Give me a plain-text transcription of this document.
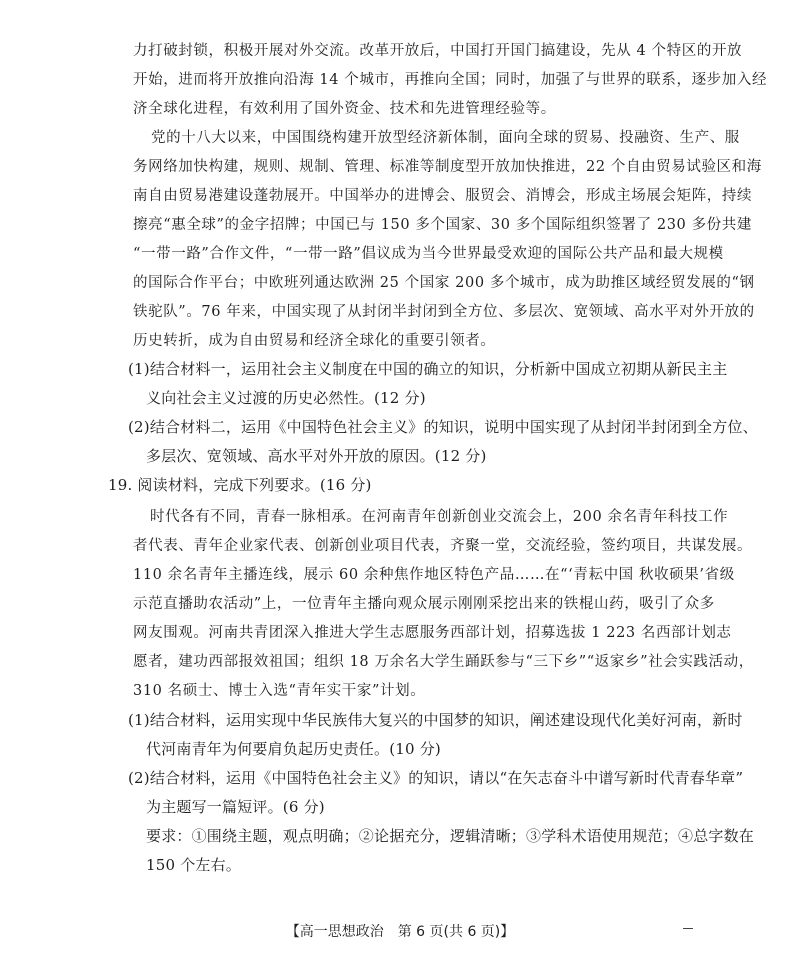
力打破封锁，积极开展对外交流。改革开放后，中国打开国门搞建设，先从 4 个特区的开放
开始，进而将开放推向沿海 14 个城市，再推向全国；同时，加强了与世界的联系，逐步加入经
济全球化进程，有效利用了国外资金、技术和先进管理经验等。
党的十八大以来，中国围绕构建开放型经济新体制，面向全球的贸易、投融资、生产、服
务网络加快构建，规则、规制、管理、标准等制度型开放加快推进，22 个自由贸易试验区和海
南自由贸易港建设蓬勃展开。中国举办的进博会、服贸会、消博会，形成主场展会矩阵，持续
擦亮“惠全球”的金字招牌；中国已与 150 多个国家、30 多个国际组织签署了 230 多份共建
“一带一路”合作文件，“一带一路”倡议成为当今世界最受欢迎的国际公共产品和最大规模
的国际合作平台；中欧班列通达欧洲 25 个国家 200 多个城市，成为助推区域经贸发展的“钢
铁驼队”。76 年来，中国实现了从封闭半封闭到全方位、多层次、宽领域、高水平对外开放的
历史转折，成为自由贸易和经济全球化的重要引领者。
(1)结合材料一，运用社会主义制度在中国的确立的知识，分析新中国成立初期从新民主主
义向社会主义过渡的历史必然性。(12 分)
(2)结合材料二，运用《中国特色社会主义》的知识，说明中国实现了从封闭半封闭到全方位、
多层次、宽领域、高水平对外开放的原因。(12 分)
19. 阅读材料，完成下列要求。(16 分)
时代各有不同，青春一脉相承。在河南青年创新创业交流会上，200 余名青年科技工作
者代表、青年企业家代表、创新创业项目代表，齐聚一堂，交流经验，签约项目，共谋发展。
110 余名青年主播连线，展示 60 余种焦作地区特色产品……在“‘青耘中国 秋收硕果’省级
示范直播助农活动”上，一位青年主播向观众展示刚刚采挖出来的铁棍山药，吸引了众多
网友围观。河南共青团深入推进大学生志愿服务西部计划，招募选拔 1 223 名西部计划志
愿者，建功西部报效祖国；组织 18 万余名大学生踊跃参与“三下乡”“返家乡”社会实践活动，
310 名硕士、博士入选“青年实干家”计划。
(1)结合材料，运用实现中华民族伟大复兴的中国梦的知识，阐述建设现代化美好河南，新时
代河南青年为何要肩负起历史责任。(10 分)
(2)结合材料，运用《中国特色社会主义》的知识，请以“在矢志奋斗中谱写新时代青春华章”
为主题写一篇短评。(6 分)
要求：①围绕主题，观点明确；②论据充分，逻辑清晰；③学科术语使用规范；④总字数在
150 个左右。
【高一思想政治　第 6 页(共 6 页)】
